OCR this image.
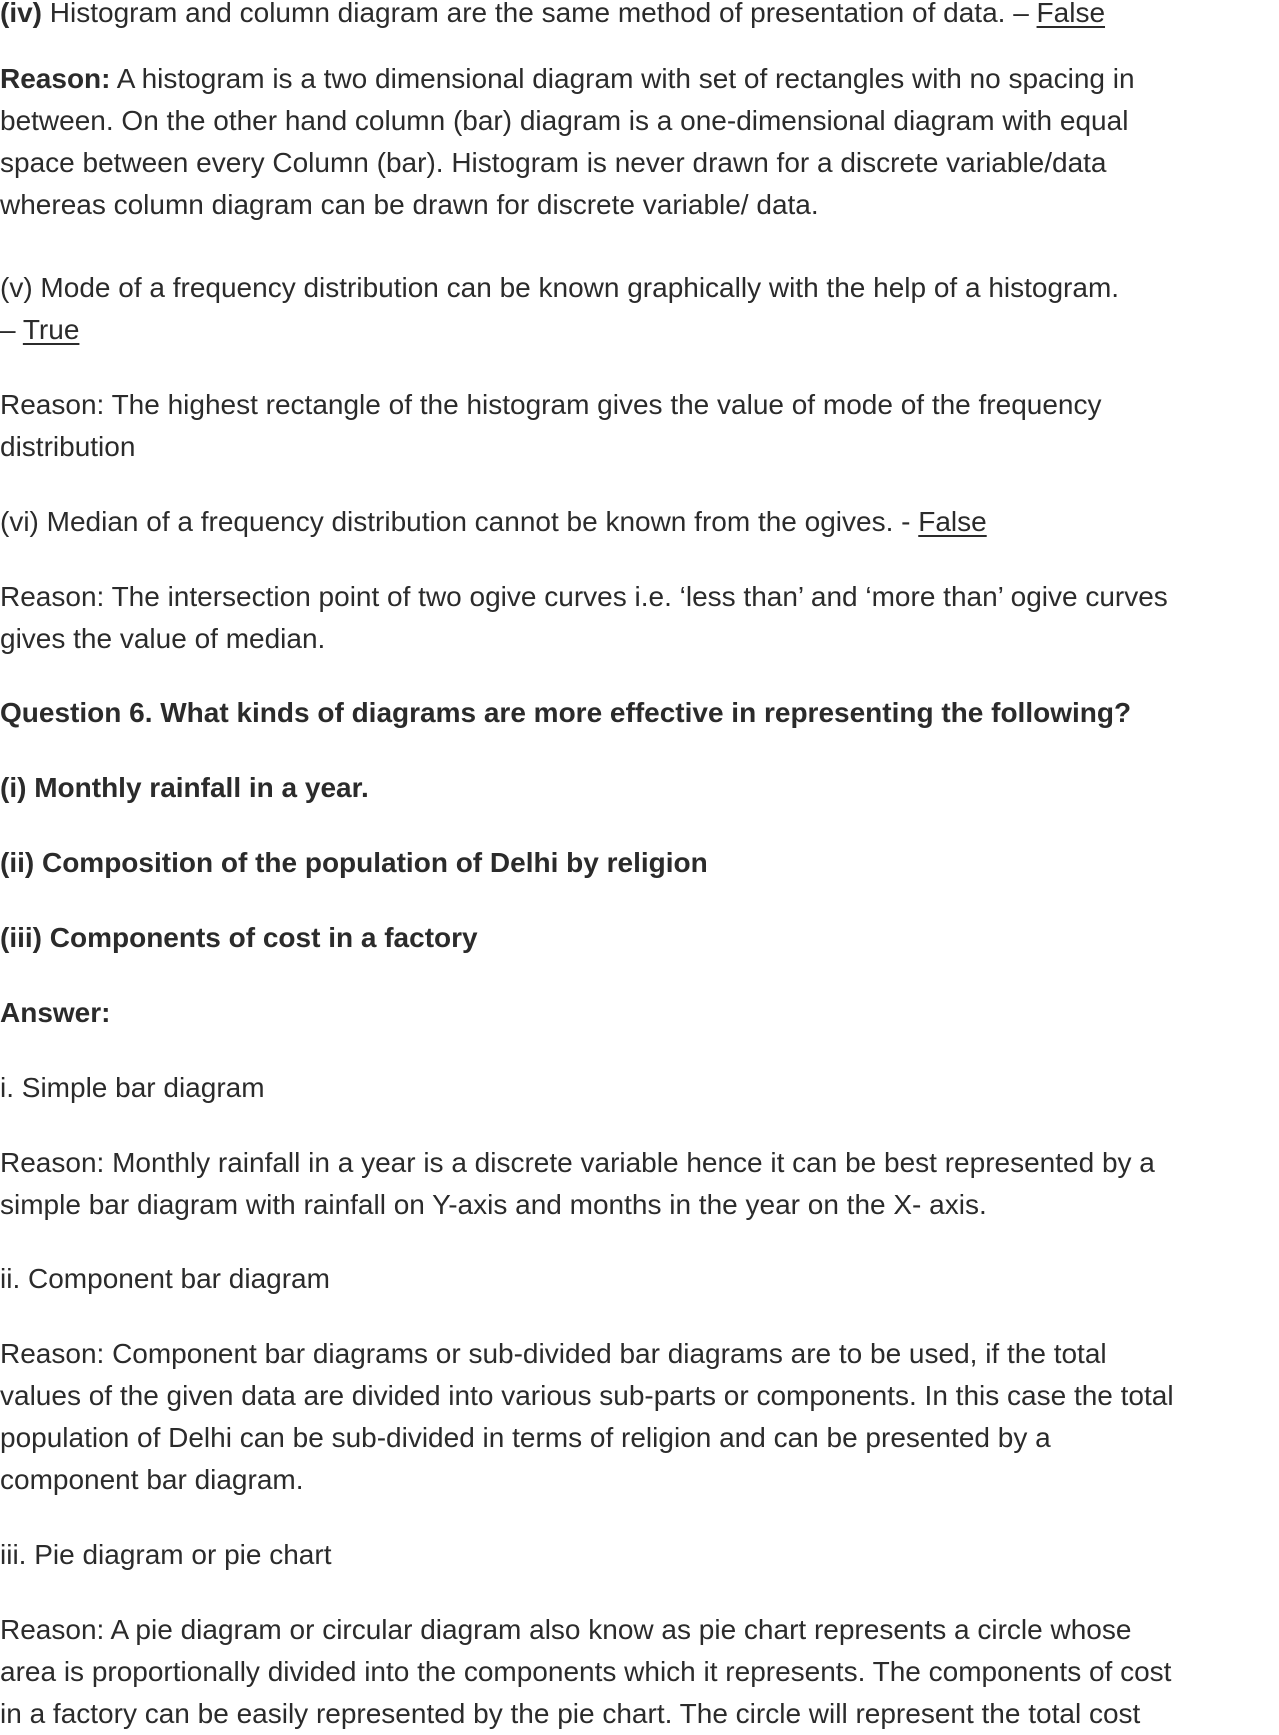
(iv) Histogram and column diagram are the same method of presentation of data. – False

Reason: A histogram is a two dimensional diagram with set of rectangles with no spacing in

between. On the other hand column (bar) diagram is a one-dimensional diagram with equal

space between every Column (bar). Histogram is never drawn for a discrete variable/data

whereas column diagram can be drawn for discrete variable/ data.

(v) Mode of a frequency distribution can be known graphically with the help of a histogram.

– True

Reason: The highest rectangle of the histogram gives the value of mode of the frequency

distribution

(vi) Median of a frequency distribution cannot be known from the ogives. - False

Reason: The intersection point of two ogive curves i.e. ‘less than’ and ‘more than’ ogive curves

gives the value of median.

Question 6. What kinds of diagrams are more effective in representing the following?

(i) Monthly rainfall in a year.

(ii) Composition of the population of Delhi by religion

(iii) Components of cost in a factory

Answer:

i. Simple bar diagram

Reason: Monthly rainfall in a year is a discrete variable hence it can be best represented by a

simple bar diagram with rainfall on Y-axis and months in the year on the X- axis.

ii. Component bar diagram

Reason: Component bar diagrams or sub-divided bar diagrams are to be used, if the total

values of the given data are divided into various sub-parts or components. In this case the total

population of Delhi can be sub-divided in terms of religion and can be presented by a

component bar diagram.

iii. Pie diagram or pie chart

Reason: A pie diagram or circular diagram also know as pie chart represents a circle whose

area is proportionally divided into the components which it represents. The components of cost

in a factory can be easily represented by the pie chart. The circle will represent the total cost
